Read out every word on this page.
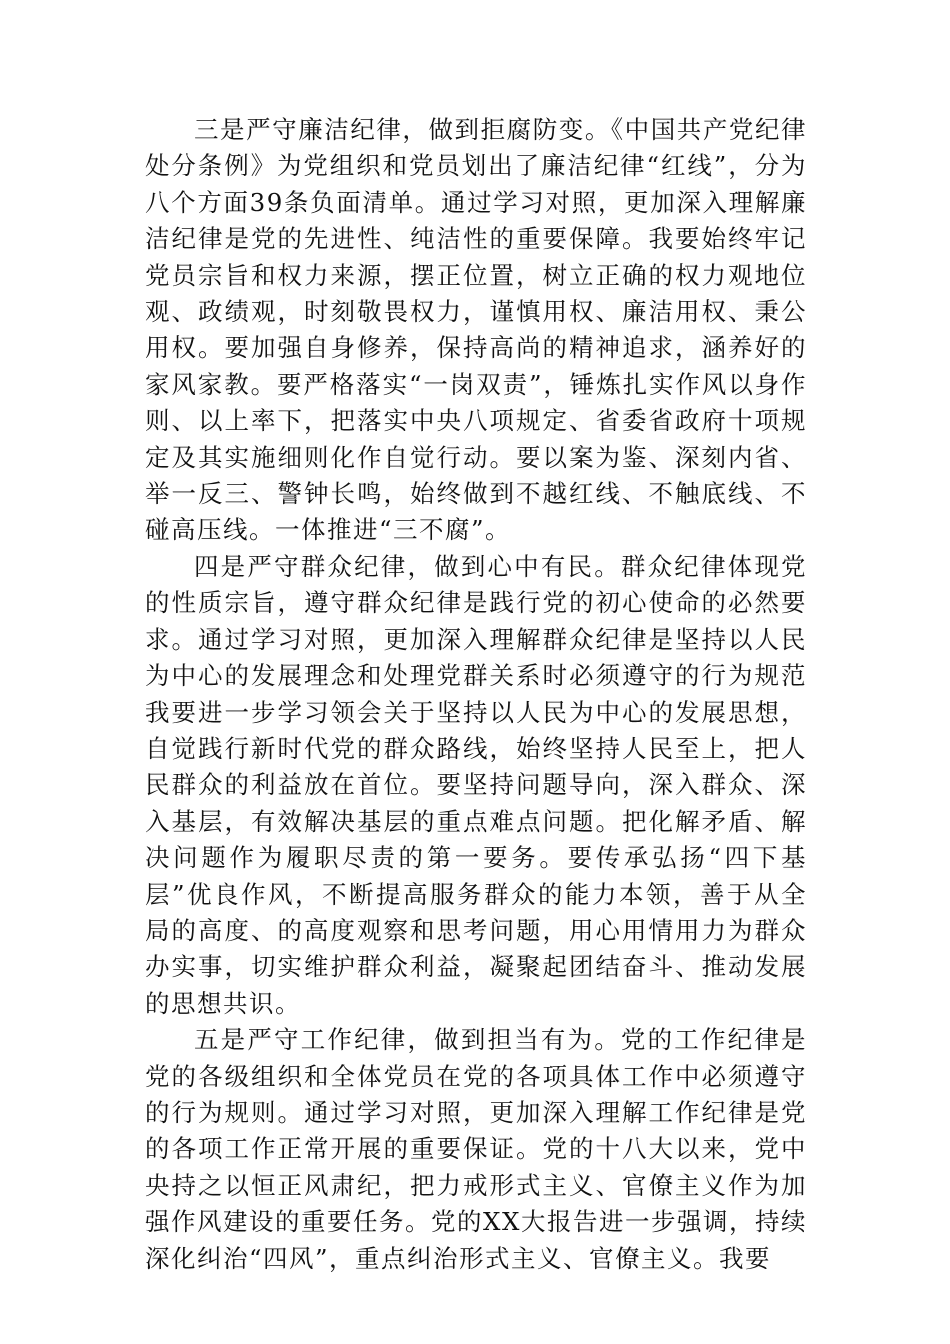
三是严守廉洁纪律，做到拒腐防变。《中国共产党纪律处分条例》为党组织和党员划出了廉洁纪律“红线”，分为八个方面39条负面清单。通过学习对照，更加深入理解廉洁纪律是党的先进性、纯洁性的重要保障。我要始终牢记党员宗旨和权力来源，摆正位置，树立正确的权力观地位观、政绩观，时刻敬畏权力，谨慎用权、廉洁用权、秉公用权。要加强自身修养，保持高尚的精神追求，涵养好的家风家教。要严格落实“一岗双责”，锤炼扎实作风以身作则、以上率下，把落实中央八项规定、省委省政府十项规定及其实施细则化作自觉行动。要以案为鉴、深刻内省、举一反三、警钟长鸣，始终做到不越红线、不触底线、不碰高压线。一体推进“三不腐”。

四是严守群众纪律，做到心中有民。群众纪律体现党的性质宗旨，遵守群众纪律是践行党的初心使命的必然要求。通过学习对照，更加深入理解群众纪律是坚持以人民为中心的发展理念和处理党群关系时必须遵守的行为规范我要进一步学习领会关于坚持以人民为中心的发展思想，自觉践行新时代党的群众路线，始终坚持人民至上，把人民群众的利益放在首位。要坚持问题导向，深入群众、深入基层，有效解决基层的重点难点问题。把化解矛盾、解决问题作为履职尽责的第一要务。要传承弘扬“四下基层”优良作风，不断提高服务群众的能力本领，善于从全局的高度、的高度观察和思考问题，用心用情用力为群众办实事，切实维护群众利益，凝聚起团结奋斗、推动发展的思想共识。

五是严守工作纪律，做到担当有为。党的工作纪律是党的各级组织和全体党员在党的各项具体工作中必须遵守的行为规则。通过学习对照，更加深入理解工作纪律是党的各项工作正常开展的重要保证。党的十八大以来，党中央持之以恒正风肃纪，把力戒形式主义、官僚主义作为加强作风建设的重要任务。党的XX大报告进一步强调，持续深化纠治“四风”，重点纠治形式主义、官僚主义。我要
